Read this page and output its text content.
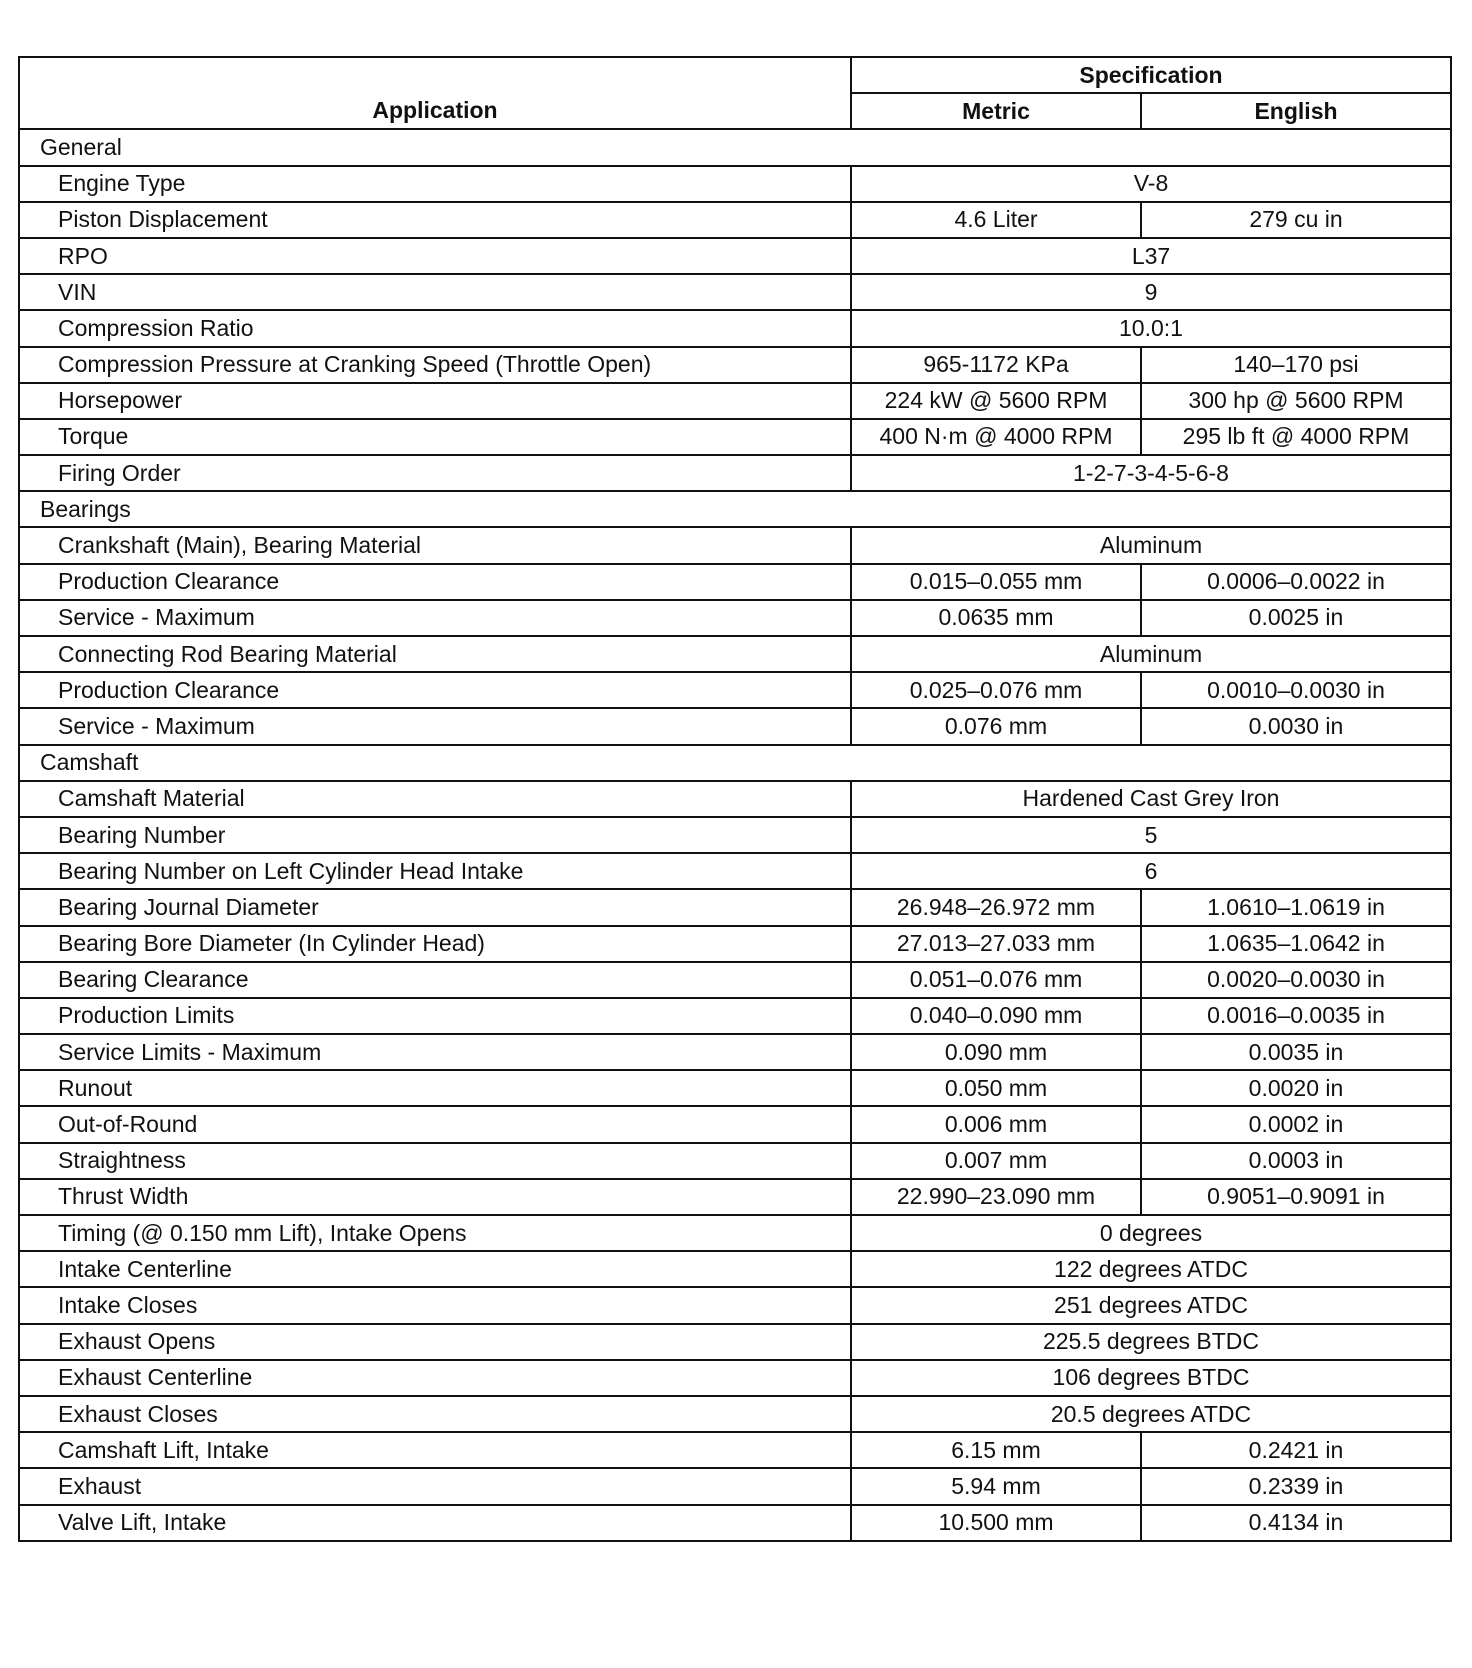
Application	Specification	
	Metric	English
General		
Engine Type	V-8	
Piston Displacement	4.6 Liter	279 cu in
RPO	L37	
VIN	9	
Compression Ratio	10.0:1	
Compression Pressure at Cranking Speed (Throttle Open)	965-1172 KPa	140–170 psi
Horsepower	224 kW @ 5600 RPM	300 hp @ 5600 RPM
Torque	400 N·m @ 4000 RPM	295 lb ft @ 4000 RPM
Firing Order	1-2-7-3-4-5-6-8	
Bearings		
Crankshaft (Main), Bearing Material	Aluminum	
Production Clearance	0.015–0.055 mm	0.0006–0.0022 in
Service - Maximum	0.0635 mm	0.0025 in
Connecting Rod Bearing Material	Aluminum	
Production Clearance	0.025–0.076 mm	0.0010–0.0030 in
Service - Maximum	0.076 mm	0.0030 in
Camshaft		
Camshaft Material	Hardened Cast Grey Iron	
Bearing Number	5	
Bearing Number on Left Cylinder Head Intake	6	
Bearing Journal Diameter	26.948–26.972 mm	1.0610–1.0619 in
Bearing Bore Diameter (In Cylinder Head)	27.013–27.033 mm	1.0635–1.0642 in
Bearing Clearance	0.051–0.076 mm	0.0020–0.0030 in
Production Limits	0.040–0.090 mm	0.0016–0.0035 in
Service Limits - Maximum	0.090 mm	0.0035 in
Runout	0.050 mm	0.0020 in
Out-of-Round	0.006 mm	0.0002 in
Straightness	0.007 mm	0.0003 in
Thrust Width	22.990–23.090 mm	0.9051–0.9091 in
Timing (@ 0.150 mm Lift), Intake Opens	0 degrees	
Intake Centerline	122 degrees ATDC	
Intake Closes	251 degrees ATDC	
Exhaust Opens	225.5 degrees BTDC	
Exhaust Centerline	106 degrees BTDC	
Exhaust Closes	20.5 degrees ATDC	
Camshaft Lift, Intake	6.15 mm	0.2421 in
Exhaust	5.94 mm	0.2339 in
Valve Lift, Intake	10.500 mm	0.4134 in
